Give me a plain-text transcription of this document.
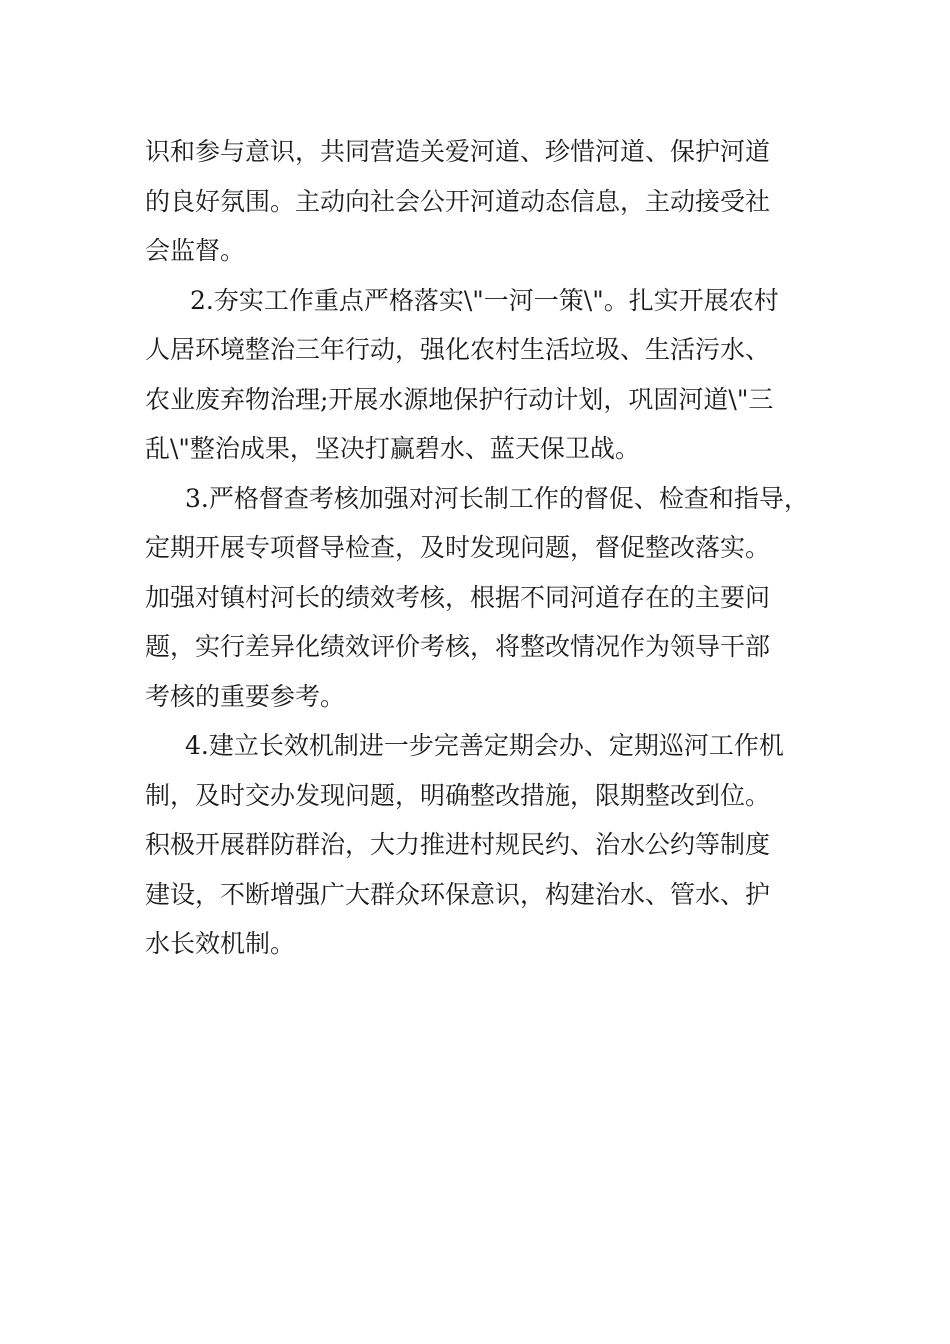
识和参与意识，共同营造关爱河道、珍惜河道、保护河道
的良好氛围。主动向社会公开河道动态信息，主动接受社
会监督。
2.夯实工作重点严格落实\"一河一策\"。扎实开展农村
人居环境整治三年行动，强化农村生活垃圾、生活污水、
农业废弃物治理;开展水源地保护行动计划，巩固河道\"三
乱\"整治成果，坚决打赢碧水、蓝天保卫战。
3.严格督查考核加强对河长制工作的督促、检查和指导，
定期开展专项督导检查，及时发现问题，督促整改落实。
加强对镇村河长的绩效考核，根据不同河道存在的主要问
题，实行差异化绩效评价考核，将整改情况作为领导干部
考核的重要参考。
4.建立长效机制进一步完善定期会办、定期巡河工作机
制，及时交办发现问题，明确整改措施，限期整改到位。
积极开展群防群治，大力推进村规民约、治水公约等制度
建设，不断增强广大群众环保意识，构建治水、管水、护
水长效机制。
